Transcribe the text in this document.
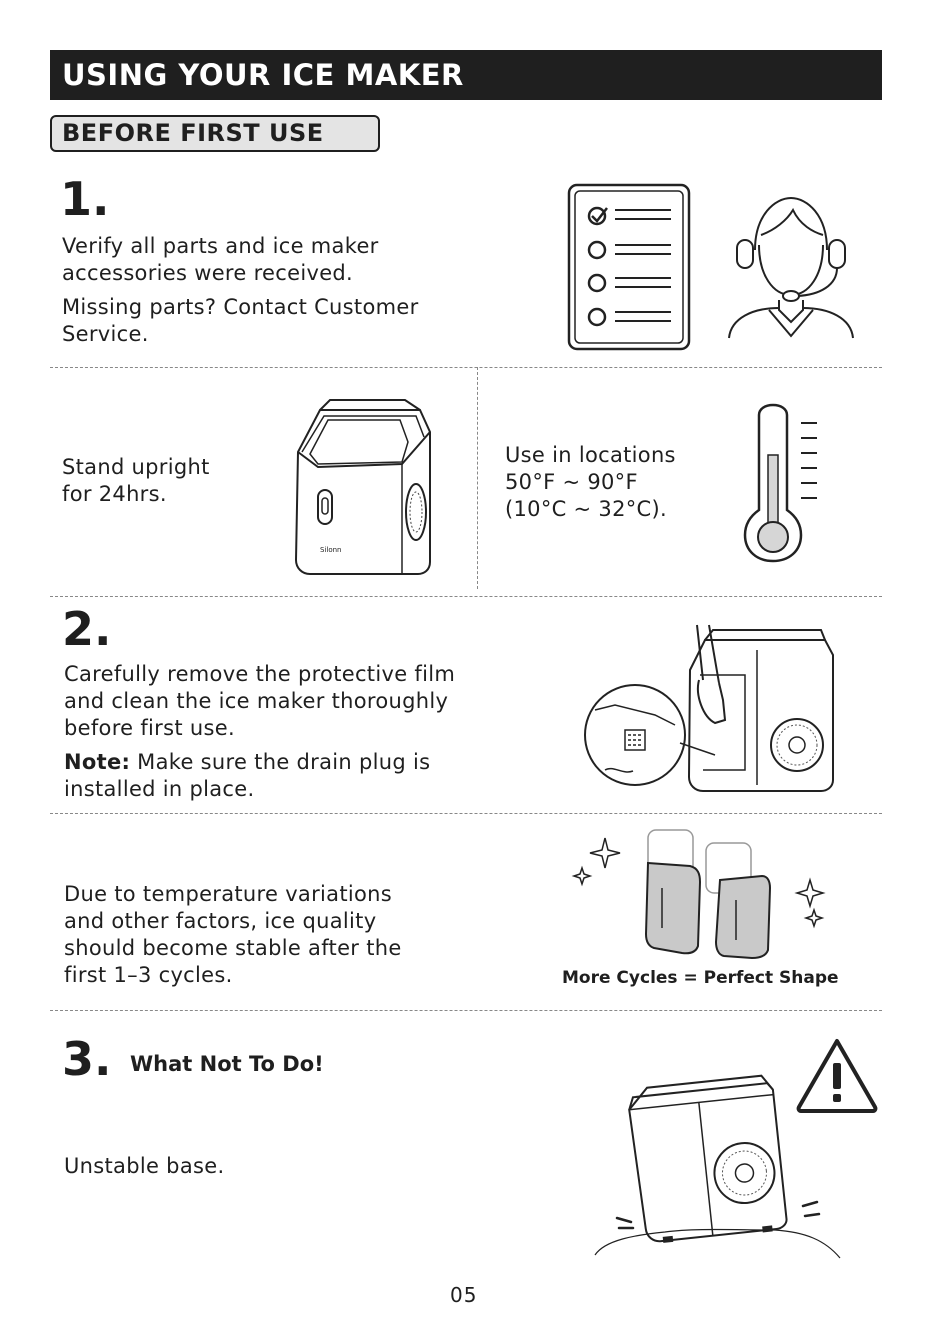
USING YOUR ICE MAKER
BEFORE FIRST USE
1.
Verify all parts and ice maker
accessories were received.
Missing parts? Contact Customer
Service.
Stand upright
for 24hrs.
Silonn
Use in locations
50°F ~ 90°F
(10°C ~ 32°C).
2.
Carefully remove the protective film
and clean the ice maker thoroughly
before first use.
Note: Make sure the drain plug is
installed in place.
Due to temperature variations
and other factors, ice quality
should become stable after the
first 1–3 cycles.	More Cycles = Perfect Shape
3. What Not To Do!
Unstable base.
05
